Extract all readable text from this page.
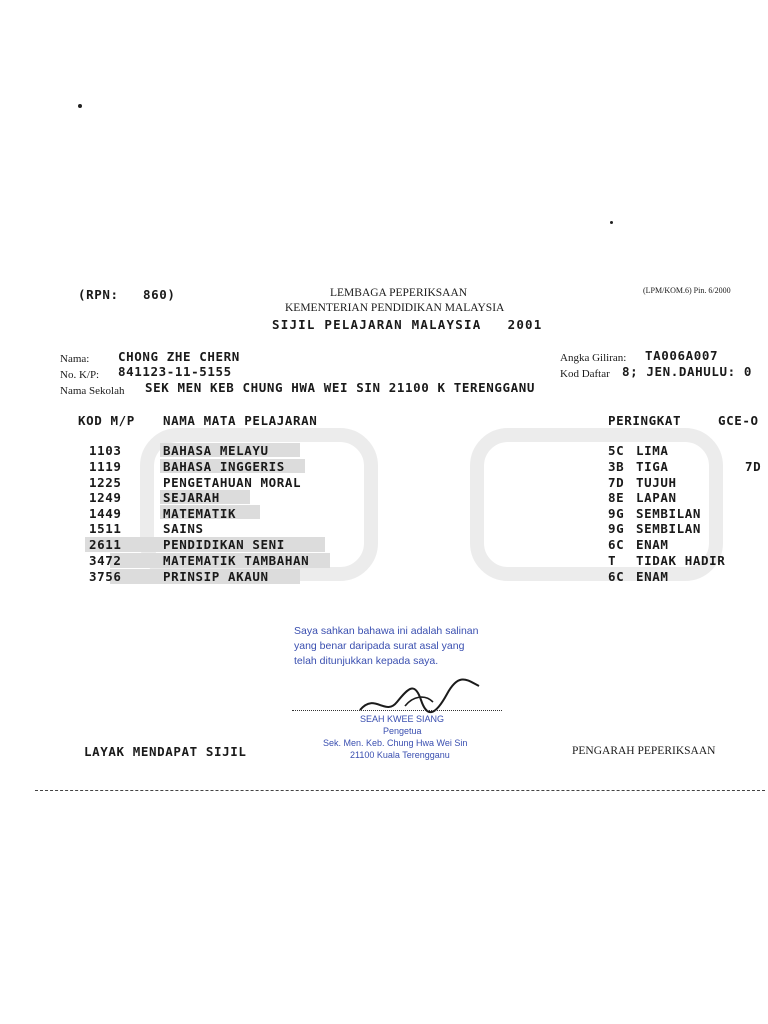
(RPN:   860)	LEMBAGA PEPERIKSAAN
KEMENTERIAN PENDIDIKAN MALAYSIA
(LPM/KOM.6) Pin. 6/2000
SIJIL PELAJARAN MALAYSIA   2001
Nama: CHONG ZHE CHERN
No. K/P: 841123-11-5155
Nama Sekolah SEK MEN KEB CHUNG HWA WEI SIN 21100 K TERENGGANU
Angka Giliran: TA006A007
Kod Daftar 8; JEN.DAHULU: 0
KOD M/P NAMA MATA PELAJARAN	PERINGKAT	GCE-O
1103	BAHASA MELAYU	5C LIMA
1119	BAHASA INGGERIS	3B TIGA	7D
1225	PENGETAHUAN MORAL	7D TUJUH
1249	SEJARAH	8E LAPAN
1449	MATEMATIK	9G SEMBILAN
1511	SAINS	9G SEMBILAN
2611	PENDIDIKAN SENI	6C ENAM
3472	MATEMATIK TAMBAHAN	T TIDAK HADIR
3756	PRINSIP AKAUN	6C ENAM
Saya sahkan bahawa ini adalah salinan
yang benar daripada surat asal yang
telah ditunjukkan kepada saya.
SEAH KWEE SIANG
Pengetua
Sek. Men. Keb. Chung Hwa Wei Sin
21100 Kuala Terengganu
LAYAK MENDAPAT SIJIL	PENGARAH PEPERIKSAAN
